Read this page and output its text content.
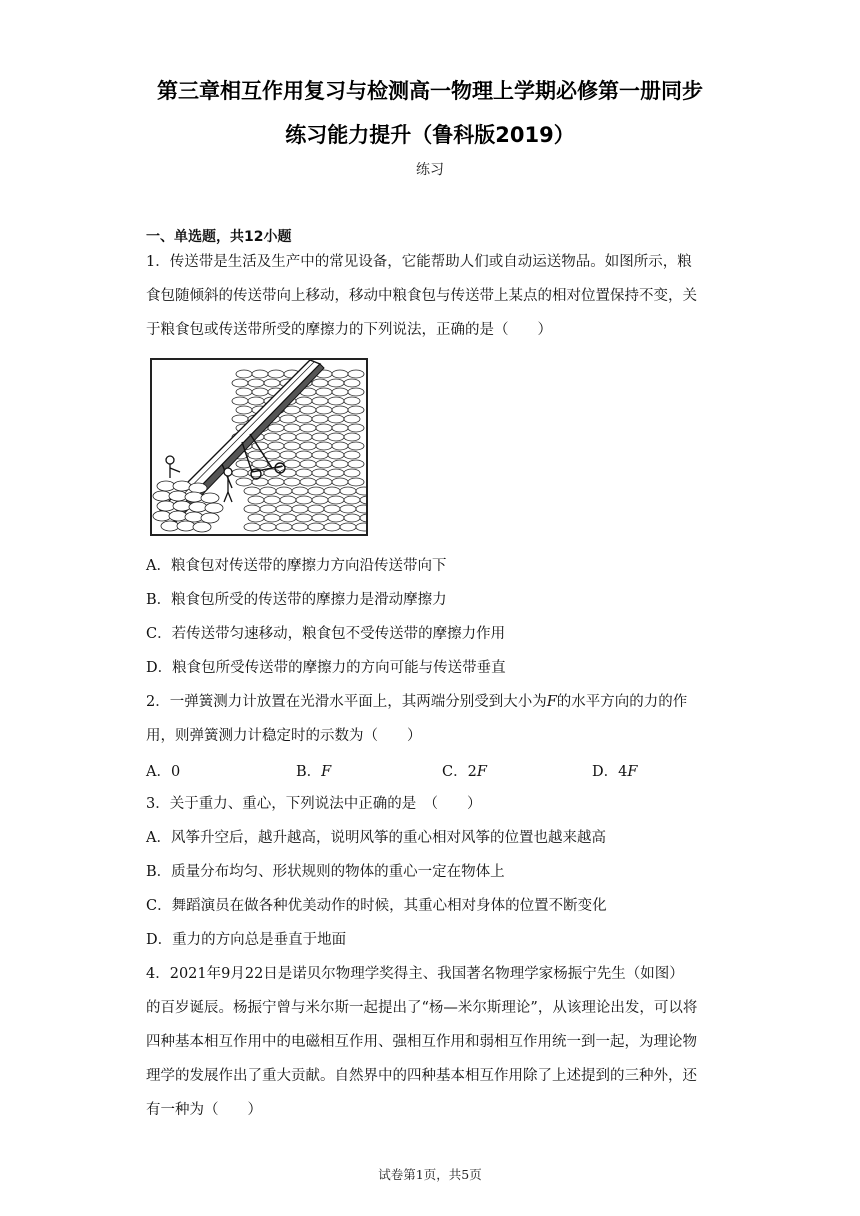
第三章相互作用复习与检测高一物理上学期必修第一册同步
练习能力提升（鲁科版2019）
练习
一、单选题，共12小题
1．传送带是生活及生产中的常见设备，它能帮助人们或自动运送物品。如图所示，粮
食包随倾斜的传送带向上移动，移动中粮食包与传送带上某点的相对位置保持不变，关
于粮食包或传送带所受的摩擦力的下列说法，正确的是（　　）
A．粮食包对传送带的摩擦力方向沿传送带向下
B．粮食包所受的传送带的摩擦力是滑动摩擦力
C．若传送带匀速移动，粮食包不受传送带的摩擦力作用
D．粮食包所受传送带的摩擦力的方向可能与传送带垂直
2．一弹簧测力计放置在光滑水平面上，其两端分别受到大小为F的水平方向的力的作
用，则弹簧测力计稳定时的示数为（　　）
A．0	B．F	C．2F	D．4F
3．关于重力、重心，下列说法中正确的是　（　　）
A．风筝升空后，越升越高，说明风筝的重心相对风筝的位置也越来越高
B．质量分布均匀、形状规则的物体的重心一定在物体上
C．舞蹈演员在做各种优美动作的时候，其重心相对身体的位置不断变化
D．重力的方向总是垂直于地面
4．2021年9月22日是诺贝尔物理学奖得主、我国著名物理学家杨振宁先生（如图）
的百岁诞辰。杨振宁曾与米尔斯一起提出了“杨—米尔斯理论”，从该理论出发，可以将
四种基本相互作用中的电磁相互作用、强相互作用和弱相互作用统一到一起，为理论物
理学的发展作出了重大贡献。自然界中的四种基本相互作用除了上述提到的三种外，还
有一种为（　　）
试卷第1页，共5页
